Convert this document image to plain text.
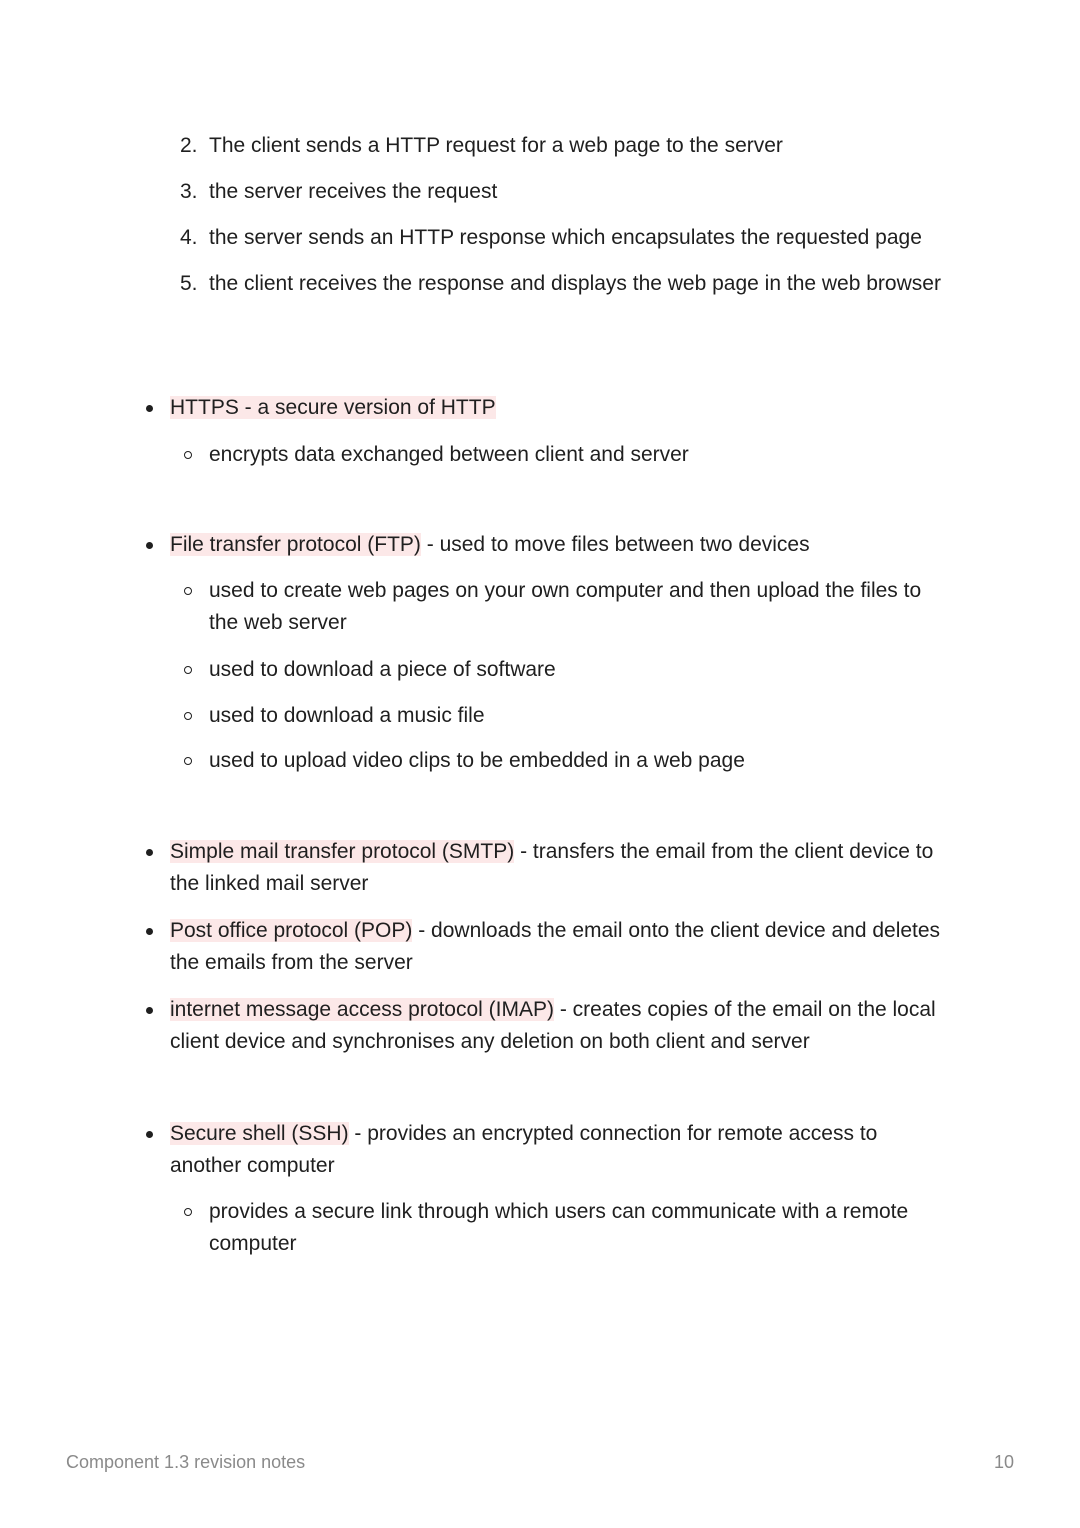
2. The client sends a HTTP request for a web page to the server
3. the server receives the request
4. the server sends an HTTP response which encapsulates the requested page
5. the client receives the response and displays the web page in the web browser
HTTPS - a secure version of HTTP
encrypts data exchanged between client and server
File transfer protocol (FTP) - used to move files between two devices
used to create web pages on your own computer and then upload the files to the web server
used to download a piece of software
used to download a music file
used to upload video clips to be embedded in a web page
Simple mail transfer protocol (SMTP) - transfers the email from the client device to the linked mail server
Post office protocol (POP) - downloads the email onto the client device and deletes the emails from the server
internet message access protocol (IMAP) - creates copies of the email on the local client device and synchronises any deletion on both client and server
Secure shell (SSH) - provides an encrypted connection for remote access to another computer
provides a secure link through which users can communicate with a remote computer
Component 1.3 revision notes	10
